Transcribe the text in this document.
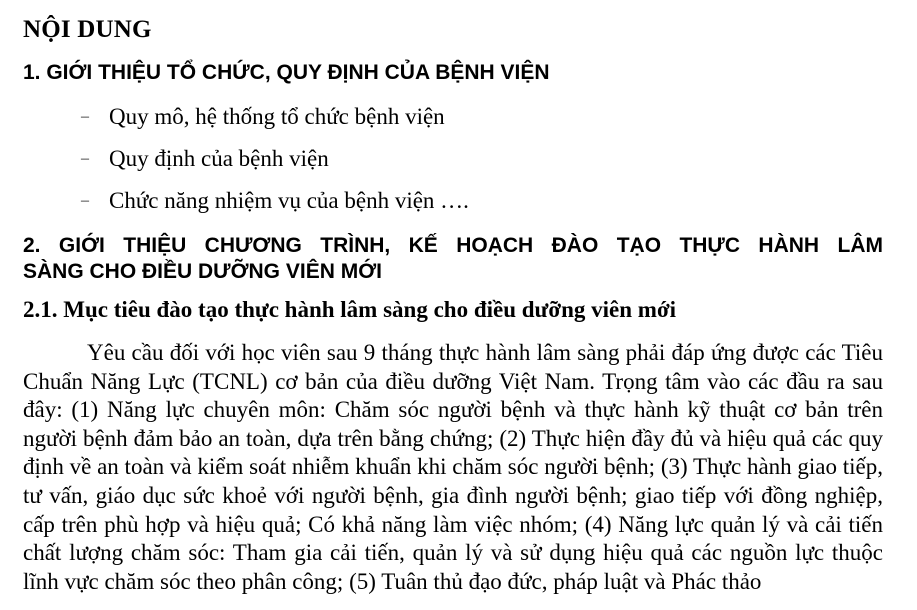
NỘI DUNG
1. GIỚI THIỆU TỔ CHỨC, QUY ĐỊNH CỦA BỆNH VIỆN
– Quy mô, hệ thống tổ chức bệnh viện
– Quy định của bệnh viện
– Chức năng nhiệm vụ của bệnh viện ….
2. GIỚI THIỆU CHƯƠNG TRÌNH, KẾ HOẠCH ĐÀO TẠO THỰC HÀNH LÂM
SÀNG CHO ĐIỀU DƯỠNG VIÊN MỚI
2.1. Mục tiêu đào tạo thực hành lâm sàng cho điều dưỡng viên mới

Yêu cầu đối với học viên sau 9 tháng thực hành lâm sàng phải đáp ứng được các Tiêu Chuẩn Năng Lực (TCNL) cơ bản của điều dưỡng Việt Nam. Trọng tâm vào các đầu ra sau đây: (1) Năng lực chuyên môn: Chăm sóc người bệnh và thực hành kỹ thuật cơ bản trên người bệnh đảm bảo an toàn, dựa trên bằng chứng; (2) Thực hiện đầy đủ và hiệu quả các quy định về an toàn và kiểm soát nhiễm khuẩn khi chăm sóc người bệnh; (3) Thực hành giao tiếp, tư vấn, giáo dục sức khoẻ với người bệnh, gia đình người bệnh; giao tiếp với đồng nghiệp, cấp trên phù hợp và hiệu quả; Có khả năng làm việc nhóm; (4) Năng lực quản lý và cải tiến chất lượng chăm sóc: Tham gia cải tiến, quản lý và sử dụng hiệu quả các nguồn lực thuộc lĩnh vực chăm sóc theo phân công; (5) Tuân thủ đạo đức, pháp luật và Phác thảo
